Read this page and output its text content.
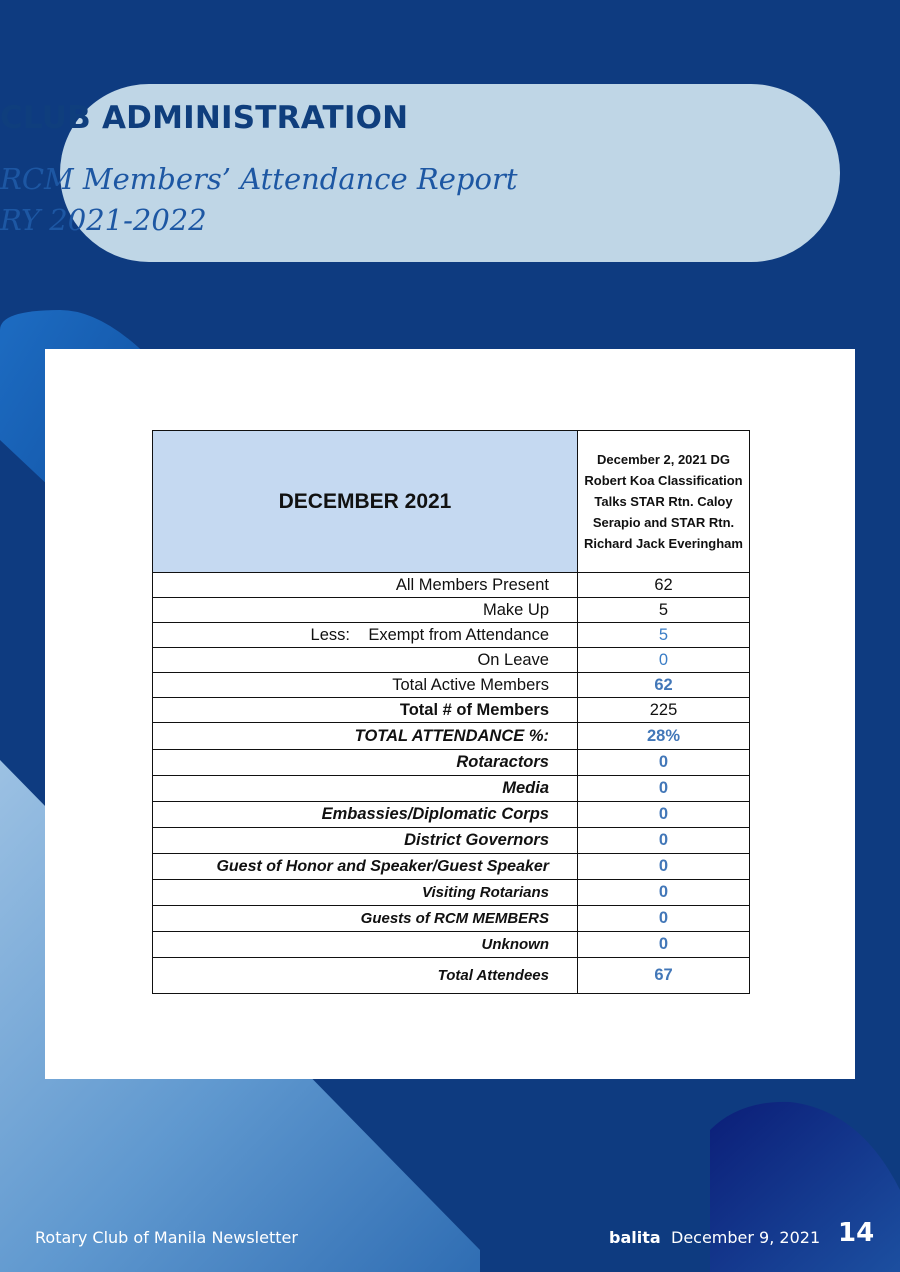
CLUB ADMINISTRATION
RCM Members’ Attendance Report
RY 2021-2022
DECEMBER 2021	December 2, 2021 DG Robert Koa Classification Talks STAR Rtn. Caloy Serapio and STAR Rtn. Richard Jack Everingham
All Members Present	62
Make Up	5
Less:    Exempt from Attendance	5
On Leave	0
Total Active Members	62
Total # of Members	225
TOTAL ATTENDANCE %:	28%
Rotaractors	0
Media	0
Embassies/Diplomatic Corps	0
District Governors	0
Guest of Honor and Speaker/Guest Speaker	0
Visiting Rotarians	0
Guests of RCM MEMBERS	0
Unknown	0
Total Attendees	67
Rotary Club of Manila Newsletter	balita December 9, 2021 14
